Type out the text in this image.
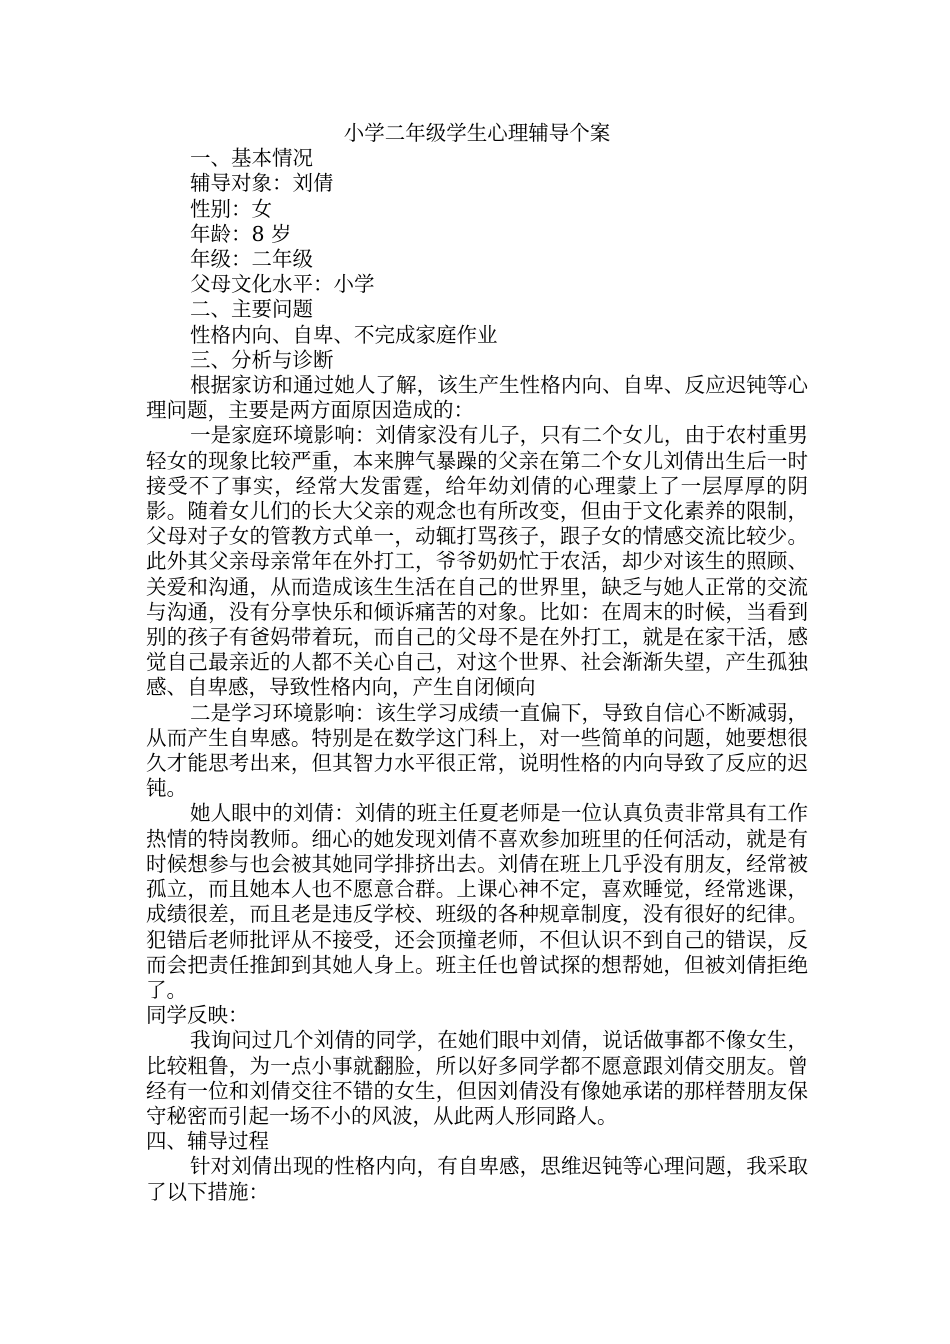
小学二年级学生心理辅导个案

一、基本情况

辅导对象：刘倩

性别：女

年龄：8 岁

年级：二年级

父母文化水平：小学

二、主要问题

性格内向、自卑、不完成家庭作业

三、分析与诊断

根据家访和通过她人了解，该生产生性格内向、自卑、反应迟钝等心理问题，主要是两方面原因造成的：

一是家庭环境影响：刘倩家没有儿子，只有二个女儿，由于农村重男轻女的现象比较严重，本来脾气暴躁的父亲在第二个女儿刘倩出生后一时接受不了事实，经常大发雷霆，给年幼刘倩的心理蒙上了一层厚厚的阴影。随着女儿们的长大父亲的观念也有所改变，但由于文化素养的限制，父母对子女的管教方式单一，动辄打骂孩子，跟子女的情感交流比较少。此外其父亲母亲常年在外打工，爷爷奶奶忙于农活，却少对该生的照顾、关爱和沟通，从而造成该生生活在自己的世界里，缺乏与她人正常的交流与沟通，没有分享快乐和倾诉痛苦的对象。比如：在周末的时候，当看到别的孩子有爸妈带着玩，而自己的父母不是在外打工，就是在家干活，感觉自己最亲近的人都不关心自己，对这个世界、社会渐渐失望，产生孤独感、自卑感，导致性格内向，产生自闭倾向

二是学习环境影响：该生学习成绩一直偏下，导致自信心不断减弱，从而产生自卑感。特别是在数学这门科上，对一些简单的问题，她要想很久才能思考出来，但其智力水平很正常，说明性格的内向导致了反应的迟钝。

她人眼中的刘倩：刘倩的班主任夏老师是一位认真负责非常具有工作热情的特岗教师。细心的她发现刘倩不喜欢参加班里的任何活动，就是有时候想参与也会被其她同学排挤出去。刘倩在班上几乎没有朋友，经常被孤立，而且她本人也不愿意合群。上课心神不定，喜欢睡觉，经常逃课，成绩很差，而且老是违反学校、班级的各种规章制度，没有很好的纪律。犯错后老师批评从不接受，还会顶撞老师，不但认识不到自己的错误，反而会把责任推卸到其她人身上。班主任也曾试探的想帮她，但被刘倩拒绝了。

同学反映：

我询问过几个刘倩的同学，在她们眼中刘倩，说话做事都不像女生，比较粗鲁，为一点小事就翻脸，所以好多同学都不愿意跟刘倩交朋友。曾经有一位和刘倩交往不错的女生，但因刘倩没有像她承诺的那样替朋友保守秘密而引起一场不小的风波，从此两人形同路人。

四、辅导过程

针对刘倩出现的性格内向，有自卑感，思维迟钝等心理问题，我采取了以下措施：
